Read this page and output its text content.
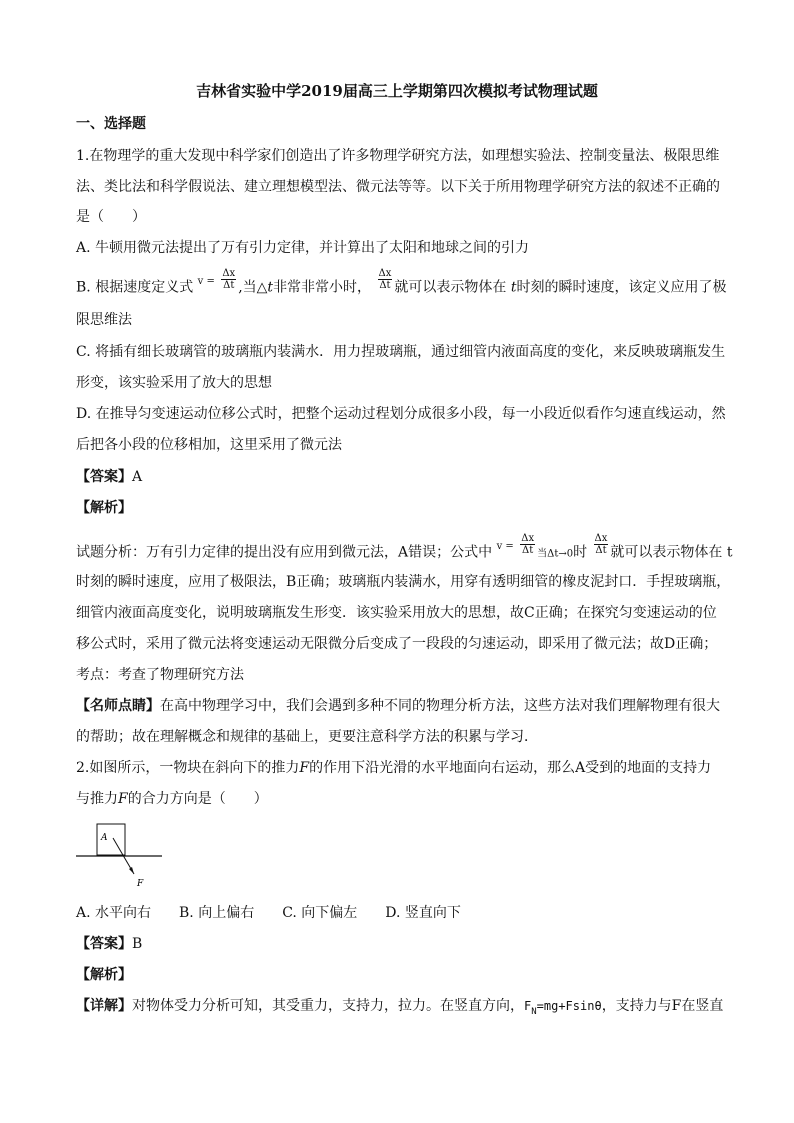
吉林省实验中学2019届高三上学期第四次模拟考试物理试题
一、选择题
1.在物理学的重大发现中科学家们创造出了许多物理学研究方法，如理想实验法、控制变量法、极限思维
法、类比法和科学假说法、建立理想模型法、微元法等等。以下关于所用物理学研究方法的叙述不正确的
是（　　）
A. 牛顿用微元法提出了万有引力定律，并计算出了太阳和地球之间的引力
B. 根据速度定义式 $^{v =} \frac{\Delta x}{\Delta t}$ ,当△t非常非常小时， $\frac{\Delta x}{\Delta t}$ 就可以表示物体在 t时刻的瞬时速度，该定义应用了极
限思维法
C. 将插有细长玻璃管的玻璃瓶内装满水．用力捏玻璃瓶，通过细管内液面高度的变化，来反映玻璃瓶发生
形变，该实验采用了放大的思想
D. 在推导匀变速运动位移公式时，把整个运动过程划分成很多小段，每一小段近似看作匀速直线运动，然
后把各小段的位移相加，这里采用了微元法
【答案】A
【解析】
试题分析：万有引力定律的提出没有应用到微元法，A错误；公式中 $^{v =} \frac{\Delta x}{\Delta t}$ 当Δt→0时 $\frac{\Delta x}{\Delta t}$ 就可以表示物体在 t
时刻的瞬时速度，应用了极限法，B正确；玻璃瓶内装满水，用穿有透明细管的橡皮泥封口．手捏玻璃瓶，
细管内液面高度变化，说明玻璃瓶发生形变．该实验采用放大的思想，故C正确；在探究匀变速运动的位
移公式时，采用了微元法将变速运动无限微分后变成了一段段的匀速运动，即采用了微元法；故D正确；
考点：考查了物理研究方法
【名师点睛】在高中物理学习中，我们会遇到多种不同的物理分析方法，这些方法对我们理解物理有很大
的帮助；故在理解概念和规律的基础上，更要注意科学方法的积累与学习．
2.如图所示，一物块在斜向下的推力F的作用下沿光滑的水平地面向右运动，那么A受到的地面的支持力
与推力F的合力方向是（　　）
A
F
A. 水平向右　　B. 向上偏右　　C. 向下偏左　　D. 竖直向下
【答案】B
【解析】
【详解】对物体受力分析可知，其受重力，支持力，拉力。在竖直方向，$F_N=mg+Fsin\theta$，支持力与F在竖直
